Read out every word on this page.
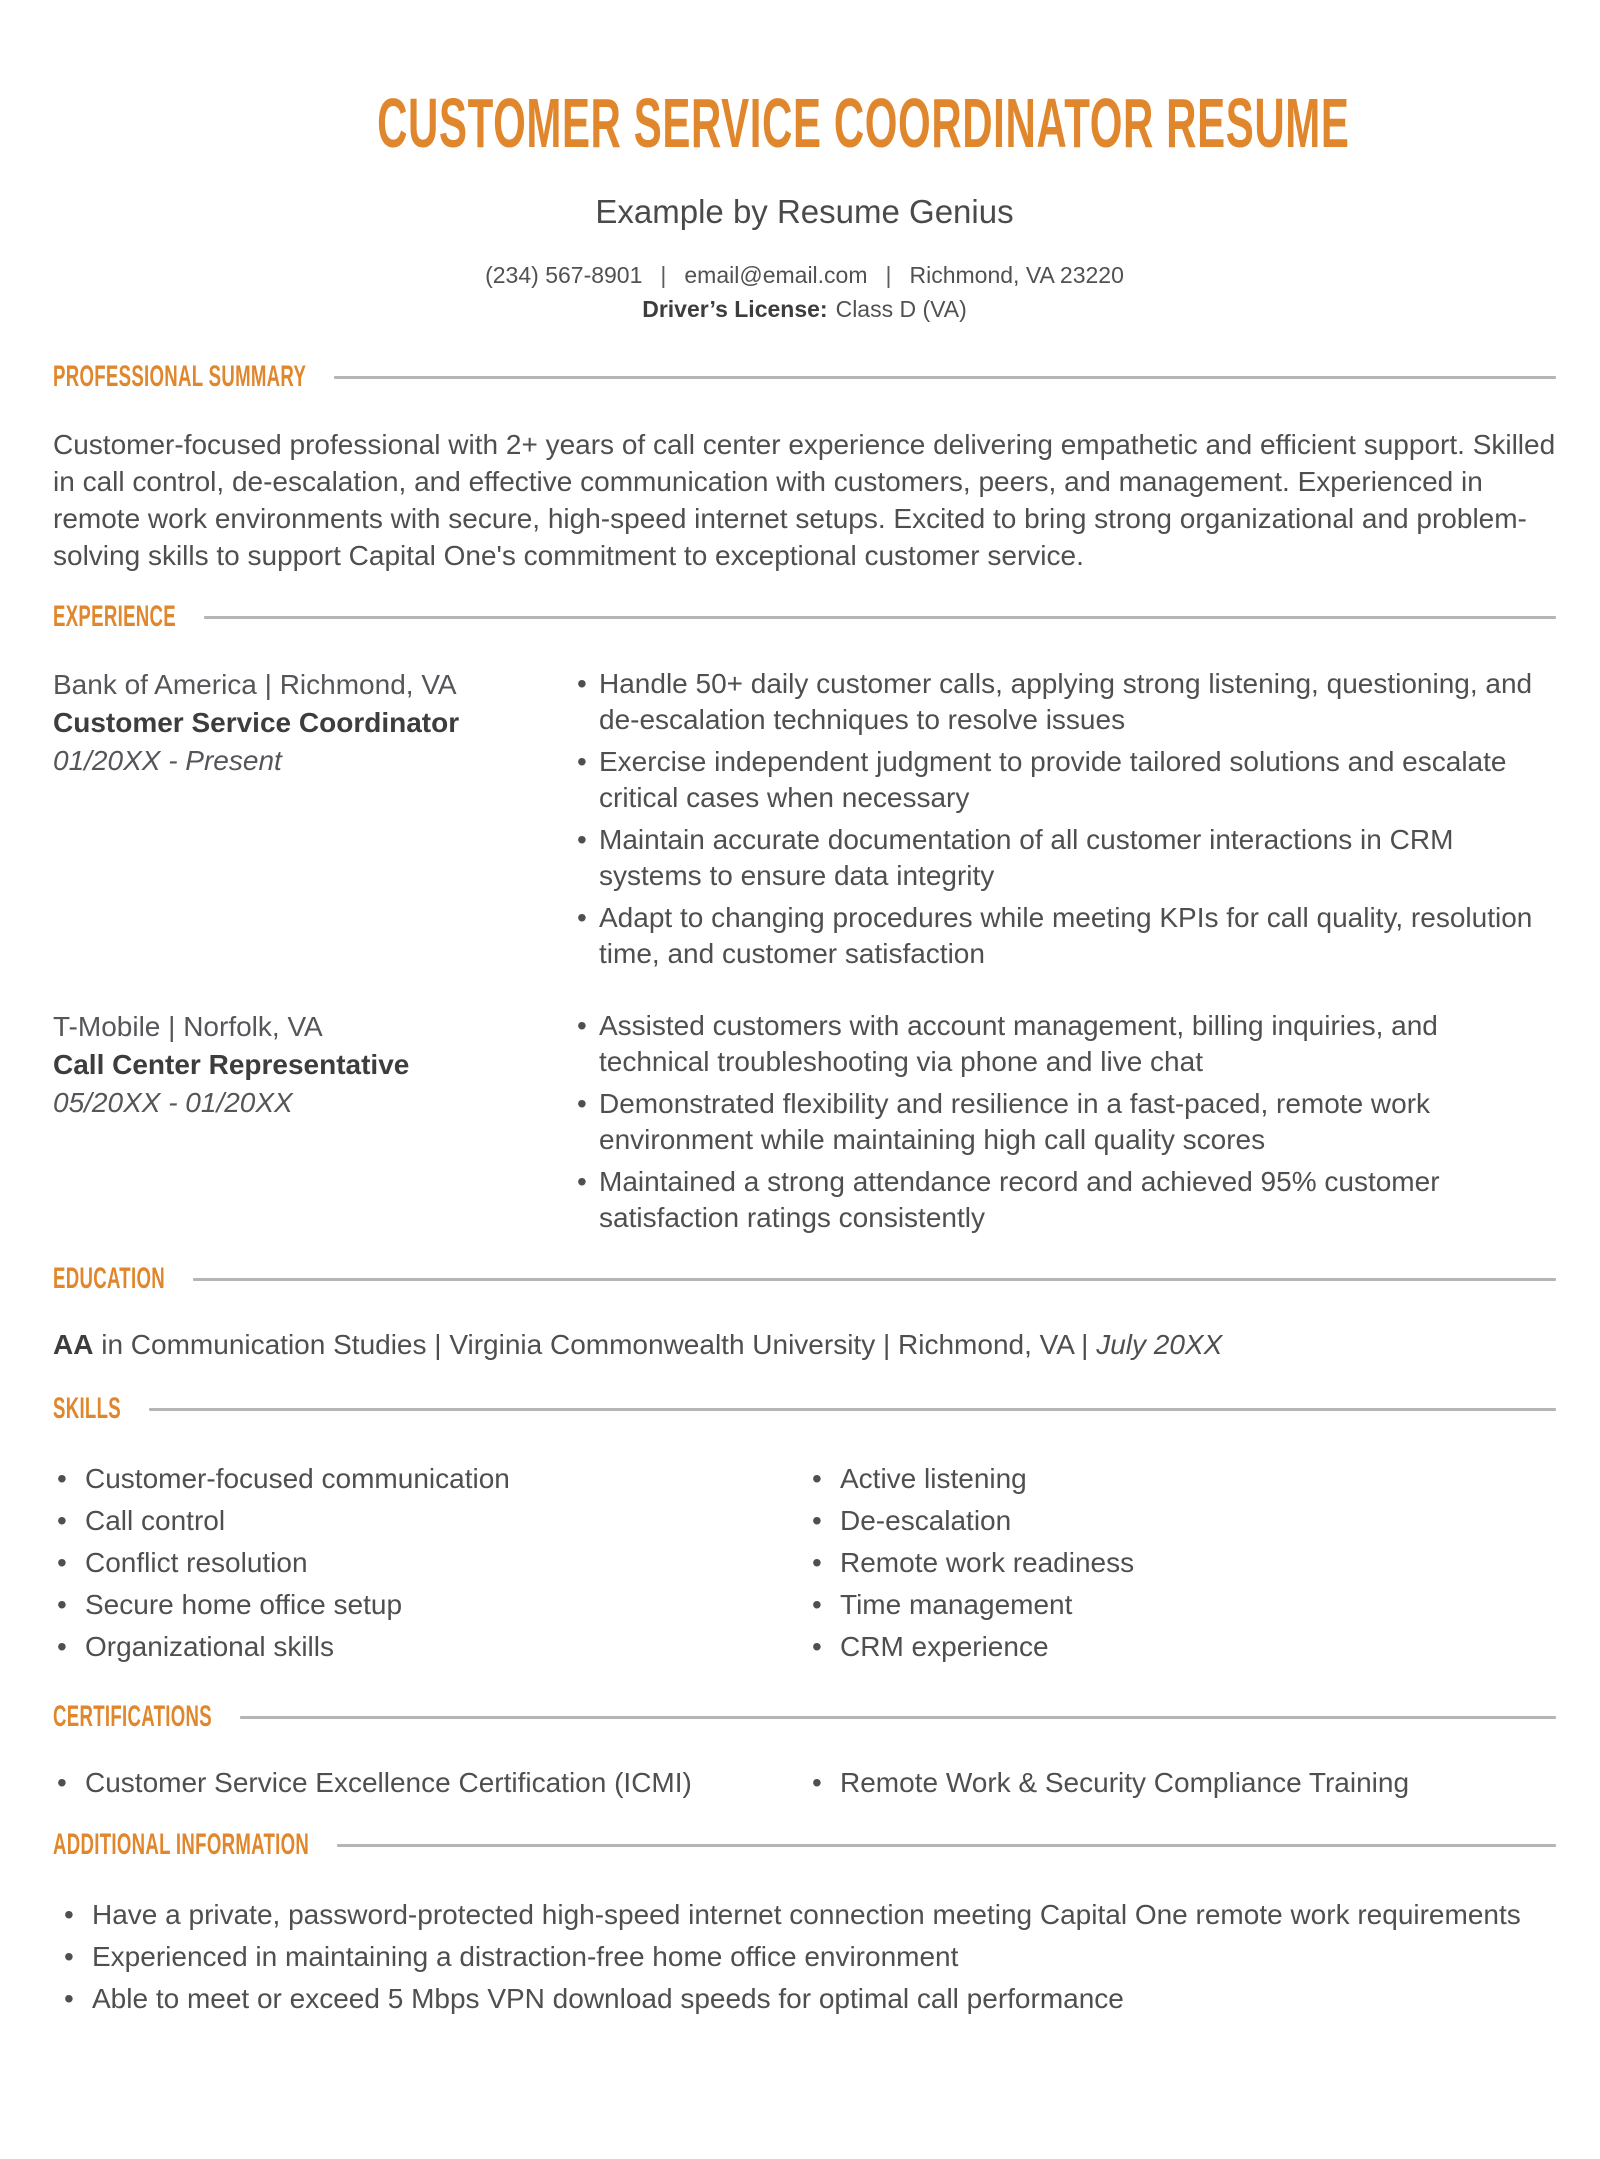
CUSTOMER SERVICE COORDINATOR RESUME
Example by Resume Genius
(234) 567-8901 | email@email.com | Richmond, VA 23220
Driver’s License: Class D (VA)
PROFESSIONAL SUMMARY

Customer-focused professional with 2+ years of call center experience delivering empathetic and efficient support. Skilled in call control, de-escalation, and effective communication with customers, peers, and management. Experienced in remote work environments with secure, high-speed internet setups. Excited to bring strong organizational and problem-solving skills to support Capital One's commitment to exceptional customer service.

EXPERIENCE
Bank of America | Richmond, VA
Customer Service Coordinator
01/20XX - Present
• Handle 50+ daily customer calls, applying strong listening, questioning, and de-escalation techniques to resolve issues
• Exercise independent judgment to provide tailored solutions and escalate critical cases when necessary
• Maintain accurate documentation of all customer interactions in CRM systems to ensure data integrity
• Adapt to changing procedures while meeting KPIs for call quality, resolution time, and customer satisfaction
T-Mobile | Norfolk, VA
Call Center Representative
05/20XX - 01/20XX
• Assisted customers with account management, billing inquiries, and technical troubleshooting via phone and live chat
• Demonstrated flexibility and resilience in a fast-paced, remote work environment while maintaining high call quality scores
• Maintained a strong attendance record and achieved 95% customer satisfaction ratings consistently
EDUCATION
AA in Communication Studies | Virginia Commonwealth University | Richmond, VA | July 20XX
SKILLS
• Customer-focused communication
• Call control
• Conflict resolution
• Secure home office setup
• Organizational skills
• Active listening
• De-escalation
• Remote work readiness
• Time management
• CRM experience
CERTIFICATIONS
• Customer Service Excellence Certification (ICMI)	• Remote Work & Security Compliance Training
ADDITIONAL INFORMATION
• Have a private, password-protected high-speed internet connection meeting Capital One remote work requirements
• Experienced in maintaining a distraction-free home office environment
• Able to meet or exceed 5 Mbps VPN download speeds for optimal call performance
